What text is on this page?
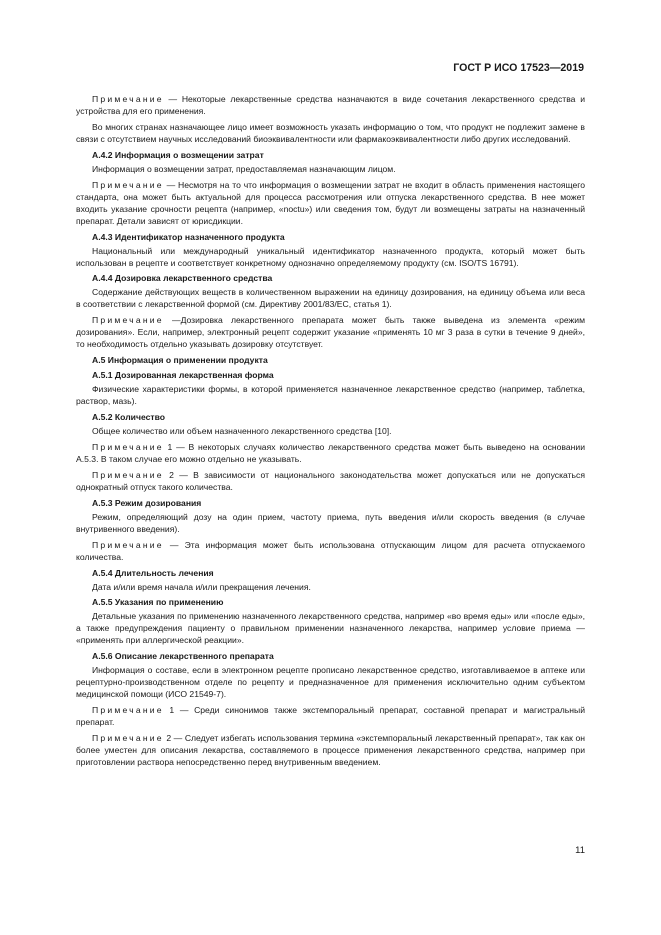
ГОСТ Р ИСО 17523—2019
Примечание — Некоторые лекарственные средства назначаются в виде сочетания лекарственного средства и устройства для его применения.
Во многих странах назначающее лицо имеет возможность указать информацию о том, что продукт не подлежит замене в связи с отсутствием научных исследований биоэквивалентности или фармакоэквивалентности либо других исследований.
А.4.2 Информация о возмещении затрат
Информация о возмещении затрат, предоставляемая назначающим лицом.
Примечание — Несмотря на то что информация о возмещении затрат не входит в область применения настоящего стандарта, она может быть актуальной для процесса рассмотрения или отпуска лекарственного средства. В нее может входить указание срочности рецепта (например, «noctu») или сведения том, будут ли возмещены затраты на назначенный препарат. Детали зависят от юрисдикции.
А.4.3 Идентификатор назначенного продукта
Национальный или международный уникальный идентификатор назначенного продукта, который может быть использован в рецепте и соответствует конкретному однозначно определяемому продукту (см. ISO/TS 16791).
А.4.4 Дозировка лекарственного средства
Содержание действующих веществ в количественном выражении на единицу дозирования, на единицу объема или веса в соответствии с лекарственной формой (см. Директиву 2001/83/ЕС, статья 1).
Примечание —Дозировка лекарственного препарата может быть также выведена из элемента «режим дозирования». Если, например, электронный рецепт содержит указание «применять 10 мг 3 раза в сутки в течение 9 дней», то необходимость отдельно указывать дозировку отсутствует.
А.5 Информация о применении продукта
А.5.1 Дозированная лекарственная форма
Физические характеристики формы, в которой применяется назначенное лекарственное средство (например, таблетка, раствор, мазь).
А.5.2 Количество
Общее количество или объем назначенного лекарственного средства [10].
Примечание 1 — В некоторых случаях количество лекарственного средства может быть выведено на основании А.5.3. В таком случае его можно отдельно не указывать.
Примечание 2 — В зависимости от национального законодательства может допускаться или не допускаться однократный отпуск такого количества.
А.5.3 Режим дозирования
Режим, определяющий дозу на один прием, частоту приема, путь введения и/или скорость введения (в случае внутривенного введения).
Примечание — Эта информация может быть использована отпускающим лицом для расчета отпускаемого количества.
А.5.4 Длительность лечения
Дата и/или время начала и/или прекращения лечения.
А.5.5 Указания по применению
Детальные указания по применению назначенного лекарственного средства, например «во время еды» или «после еды», а также предупреждения пациенту о правильном применении назначенного лекарства, например условие приема — «применять при аллергической реакции».
А.5.6 Описание лекарственного препарата
Информация о составе, если в электронном рецепте прописано лекарственное средство, изготавливаемое в аптеке или рецептурно-производственном отделе по рецепту и предназначенное для применения исключительно одним субъектом медицинской помощи (ИСО 21549-7).
Примечание 1 — Среди синонимов также экстемпоральный препарат, составной препарат и магистральный препарат.
Примечание 2 — Следует избегать использования термина «экстемпоральный лекарственный препарат», так как он более уместен для описания лекарства, составляемого в процессе применения лекарственного средства, например при приготовлении раствора непосредственно перед внутривенным введением.
11
